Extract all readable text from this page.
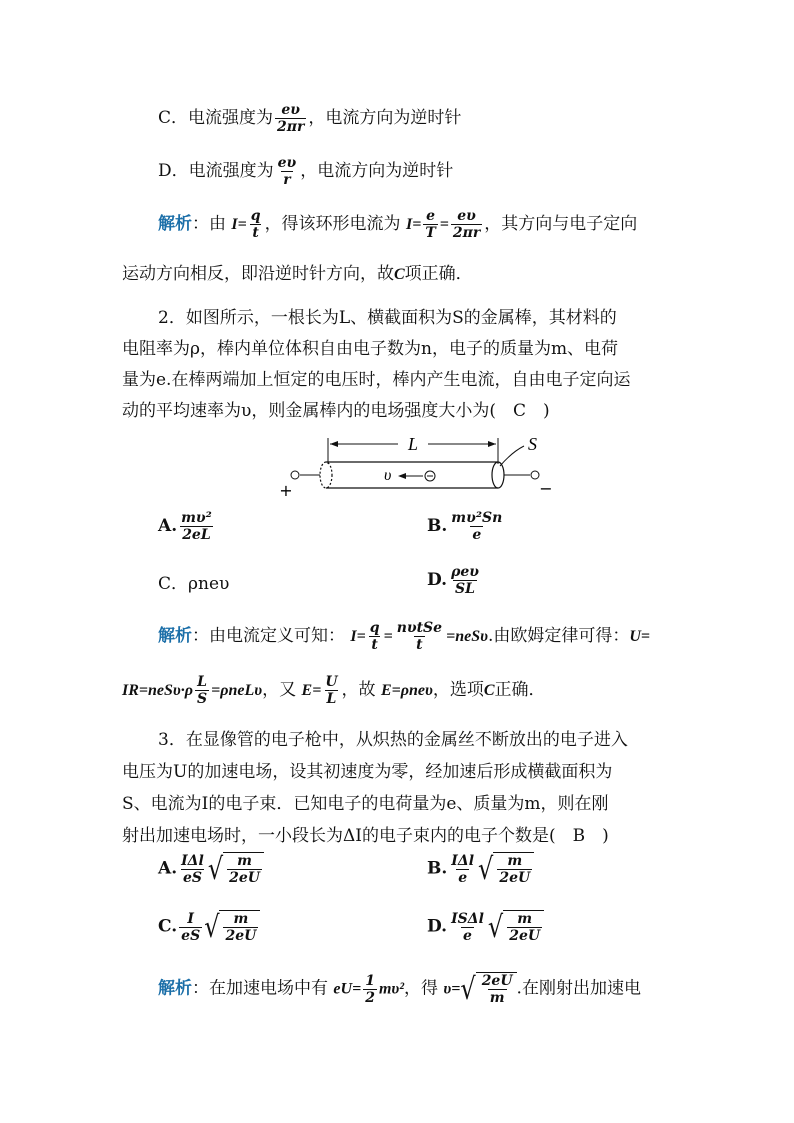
C．电流强度为 $\frac{e\upsilon}{2\pi r}$ ，电流方向为逆时针
D．电流强度为 $\frac{e\upsilon}{r}$ ，电流方向为逆时针
解析：由 $I= \frac{q}{t}$ ，得该环形电流为 $I= \frac{e}{T} = \frac{e\upsilon}{2\pi r}$ ，其方向与电子定向
运动方向相反，即沿逆时针方向，故C项正确．
2．如图所示，一根长为L、横截面积为S的金属棒，其材料的
电阻率为ρ，棒内单位体积自由电子数为n，电子的质量为m、电荷
量为e.在棒两端加上恒定的电压时，棒内产生电流，自由电子定向运
动的平均速率为υ，则金属棒内的电场强度大小为(　C　)
L	S
υ
+	−
A. $\frac{\text{mυ²}}{2eL}$	B. $\frac{\text{mυ²Sn}}{e}$
C．ρneυ	D. $\frac{\text{ρeυ}}{SL}$
解析：由电流定义可知： $I= \frac{q}{t} = \frac{\text{nυtSe}}{t} =neS\upsilon$.由欧姆定律可得：U=
$IR=neS\upsilon\cdot\rho \frac{L}{S} =\rho neL\upsilon$，又 $E= \frac{U}{L}$ ，故 E=ρneυ，选项C正确．
3．在显像管的电子枪中，从炽热的金属丝不断放出的电子进入
电压为U的加速电场，设其初速度为零，经加速后形成横截面积为
S、电流为I的电子束．已知电子的电荷量为e、质量为m，则在刚
射出加速电场时，一小段长为ΔI的电子束内的电子个数是(　B　)
A. $\frac{\text{IΔl}}{eS}$ √ $\frac{m}{2eU}$	B. $\frac{\text{IΔl}}{e}$ √ $\frac{m}{2eU}$
C. $\frac{I}{eS}$ √ $\frac{m}{2eU}$	D. $\frac{\text{ISΔl}}{e}$ √ $\frac{m}{2eU}$
解析：在加速电场中有 $eU= \frac{1}{2} m\upsilon^2$，得 υ= √ $\frac{2eU}{m}$ .在刚射出加速电
